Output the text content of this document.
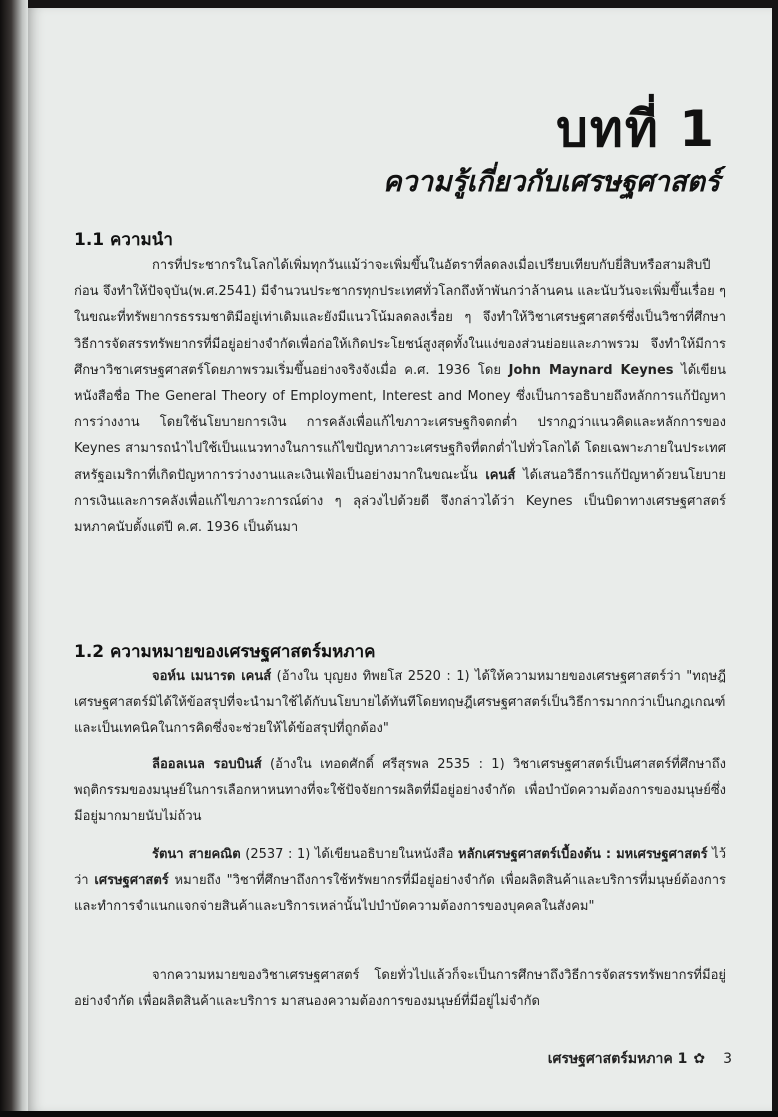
บทที่ 1
ความรู้เกี่ยวกับเศรษฐศาสตร์
1.1 ความนำ
การที่ประชากรในโลกได้เพิ่มทุกวันแม้ว่าจะเพิ่มขึ้นในอัตราที่ลดลงเมื่อเปรียบเทียบกับยี่สิบหรือสามสิบปีก่อน จึงทำให้ปัจจุบัน(พ.ศ.2541) มีจำนวนประชากรทุกประเทศทั่วโลกถึงห้าพันกว่าล้านคน และนับวันจะเพิ่มขึ้นเรื่อย ๆ ในขณะที่ทรัพยากรธรรมชาติมีอยู่เท่าเดิมและยังมีแนวโน้มลดลงเรื่อย ๆ จึงทำให้วิชาเศรษฐศาสตร์ซึ่งเป็นวิชาที่ศึกษาวิธีการจัดสรรทรัพยากรที่มีอยู่อย่างจำกัดเพื่อก่อให้เกิดประโยชน์สูงสุดทั้งในแง่ของส่วนย่อยและภาพรวม จึงทำให้มีการศึกษาวิชาเศรษฐศาสตร์โดยภาพรวมเริ่มขึ้นอย่างจริงจังเมื่อ ค.ศ. 1936 โดย John Maynard Keynes ได้เขียนหนังสือชื่อ The General Theory of Employment, Interest and Money ซึ่งเป็นการอธิบายถึงหลักการแก้ปัญหาการว่างงาน โดยใช้นโยบายการเงิน การคลังเพื่อแก้ไขภาวะเศรษฐกิจตกต่ำ ปรากฏว่าแนวคิดและหลักการของ Keynes สามารถนำไปใช้เป็นแนวทางในการแก้ไขปัญหาภาวะเศรษฐกิจที่ตกต่ำไปทั่วโลกได้ โดยเฉพาะภายในประเทศสหรัฐอเมริกาที่เกิดปัญหาการว่างงานและเงินเฟ้อเป็นอย่างมากในขณะนั้น เคนส์ ได้เสนอวิธีการแก้ปัญหาด้วยนโยบายการเงินและการคลังเพื่อแก้ไขภาวะการณ์ต่าง ๆ ลุล่วงไปด้วยดี จึงกล่าวได้ว่า Keynes เป็นบิดาทางเศรษฐศาสตร์มหภาคนับตั้งแต่ปี ค.ศ. 1936 เป็นต้นมา
1.2 ความหมายของเศรษฐศาสตร์มหภาค
จอห์น เมนารด เคนส์ (อ้างใน บุญยง ทิพยโส 2520 : 1) ได้ให้ความหมายของเศรษฐศาสตร์ว่า "ทฤษฎีเศรษฐศาสตร์มิได้ให้ข้อสรุปที่จะนำมาใช้ได้กับนโยบายได้ทันทีโดยทฤษฎีเศรษฐศาสตร์เป็นวิธีการมากกว่าเป็นกฎเกณฑ์ และเป็นเทคนิคในการคิดซึ่งจะช่วยให้ได้ข้อสรุปที่ถูกต้อง"
ลีออลเนล รอบบินส์ (อ้างใน เทอดศักดิ์ ศรีสุรพล 2535 : 1) วิชาเศรษฐศาสตร์เป็นศาสตร์ที่ศึกษาถึงพฤติกรรมของมนุษย์ในการเลือกหาหนทางที่จะใช้ปัจจัยการผลิตที่มีอยู่อย่างจำกัด เพื่อบำบัดความต้องการของมนุษย์ซึ่งมีอยู่มากมายนับไม่ถ้วน
รัตนา สายคณิต (2537 : 1) ได้เขียนอธิบายในหนังสือ หลักเศรษฐศาสตร์เบื้องต้น : มหเศรษฐศาสตร์ ไว้ว่า เศรษฐศาสตร์ หมายถึง "วิชาที่ศึกษาถึงการใช้ทรัพยากรที่มีอยู่อย่างจำกัด เพื่อผลิตสินค้าและบริการที่มนุษย์ต้องการและทำการจำแนกแจกจ่ายสินค้าและบริการเหล่านั้นไปบำบัดความต้องการของบุคคลในสังคม"
จากความหมายของวิชาเศรษฐศาสตร์ โดยทั่วไปแล้วก็จะเป็นการศึกษาถึงวิธีการจัดสรรทรัพยากรที่มีอยู่อย่างจำกัด เพื่อผลิตสินค้าและบริการ มาสนองความต้องการของมนุษย์ที่มีอยู่ไม่จำกัด
เศรษฐศาสตร์มหภาค 1 ✿ 3
